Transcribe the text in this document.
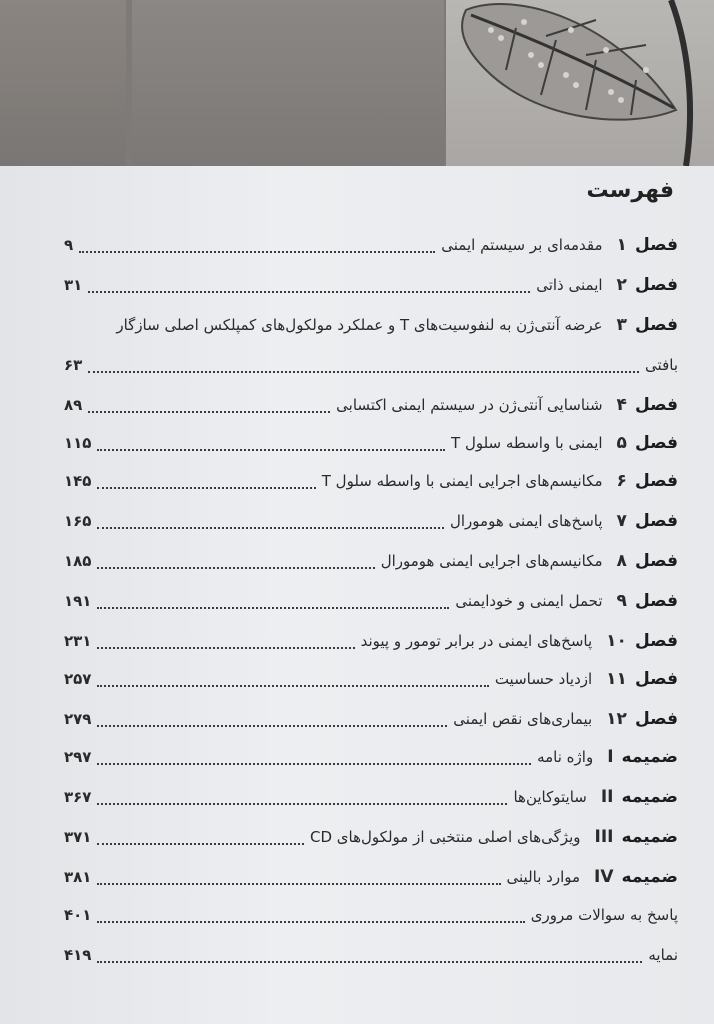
فهرست
فصل
۱
مقدمه‌ای بر سیستم ایمنی
۹
فصل
۲
ایمنی ذاتی
۳۱
فصل
۳
عرضه آنتی‌ژن به لنفوسیت‌های T و عملکرد مولکول‌های کمپلکس اصلی سازگار
بافتی
۶۳
فصل
۴
شناسایی آنتی‌ژن در سیستم ایمنی اکتسابی
۸۹
فصل
۵
ایمنی با واسطه سلول T
۱۱۵
فصل
۶
مکانیسم‌های اجرایی ایمنی با واسطه سلول T
۱۴۵
فصل
۷
پاسخ‌های ایمنی هومورال
۱۶۵
فصل
۸
مکانیسم‌های اجرایی ایمنی هومورال
۱۸۵
فصل
۹
تحمل ایمنی و خودایمنی
۱۹۱
فصل
۱۰
پاسخ‌های ایمنی در برابر تومور و پیوند
۲۳۱
فصل
۱۱
ازدیاد حساسیت
۲۵۷
فصل
۱۲
بیماری‌های نقص ایمنی
۲۷۹
ضمیمه
I
واژه نامه
۲۹۷
ضمیمه
II
سایتوکاین‌ها
۳۶۷
ضمیمه
III
ویژگی‌های اصلی منتخبی از مولکول‌های CD
۳۷۱
ضمیمه
IV
موارد بالینی
۳۸۱
پاسخ به سوالات مروری
۴۰۱
نمایه
۴۱۹
